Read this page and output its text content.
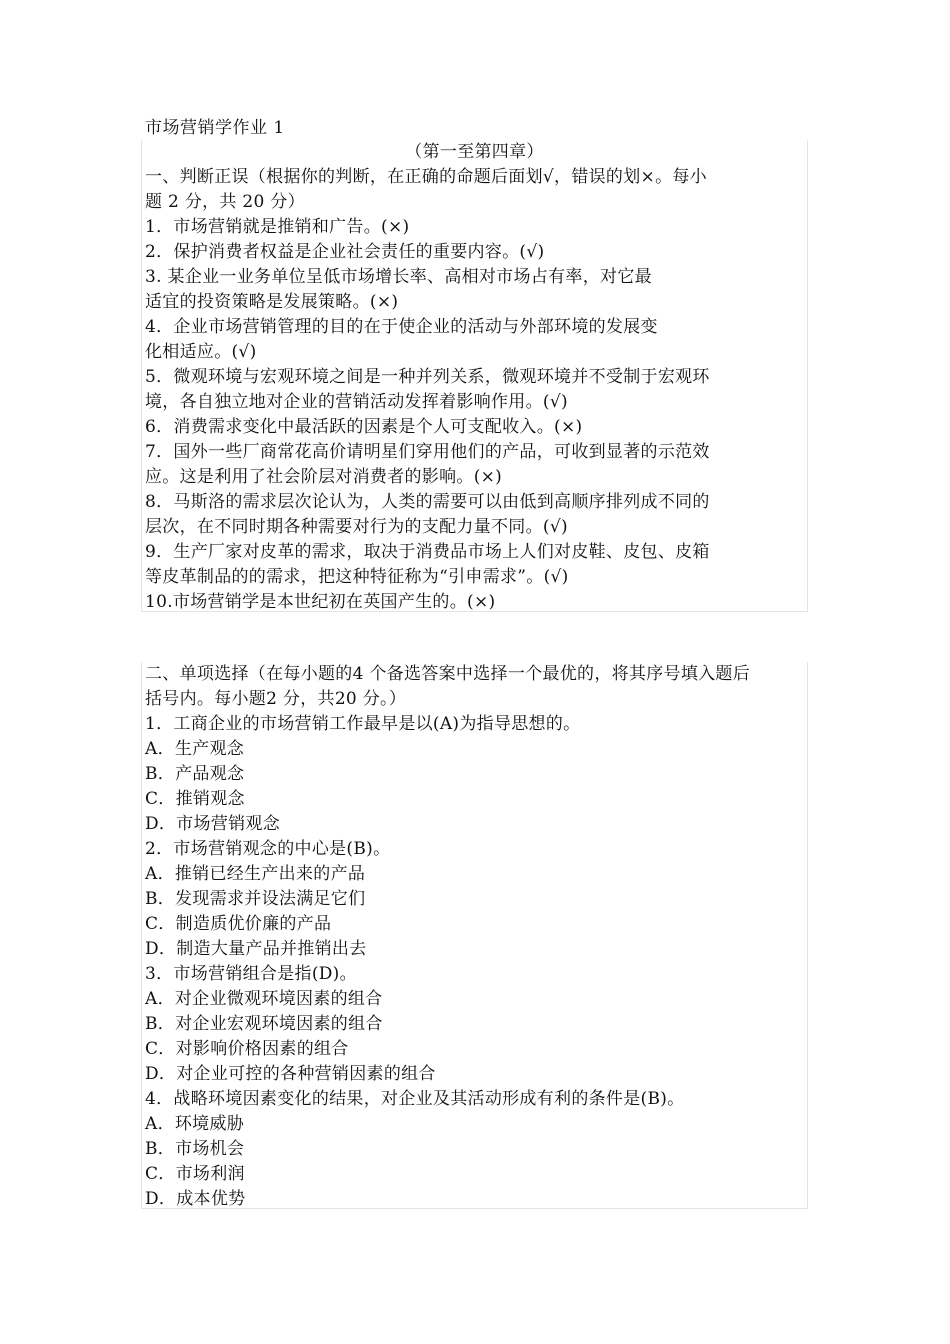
市场营销学作业 1
（第一至第四章）
一、判断正误（根据你的判断，在正确的命题后面划√，错误的划×。每小
题 2 分，共 20 分）
1．市场营销就是推销和广告。(×)
2．保护消费者权益是企业社会责任的重要内容。(√)
3. 某企业一业务单位呈低市场增长率、高相对市场占有率，对它最
适宜的投资策略是发展策略。(×)
4．企业市场营销管理的目的在于使企业的活动与外部环境的发展变
化相适应。(√)
5．微观环境与宏观环境之间是一种并列关系，微观环境并不受制于宏观环
境，各自独立地对企业的营销活动发挥着影响作用。(√)
6．消费需求变化中最活跃的因素是个人可支配收入。(×)
7．国外一些厂商常花高价请明星们穿用他们的产品，可收到显著的示范效
应。这是利用了社会阶层对消费者的影响。(×)
8．马斯洛的需求层次论认为，人类的需要可以由低到高顺序排列成不同的
层次，在不同时期各种需要对行为的支配力量不同。(√)
9．生产厂家对皮革的需求，取决于消费品市场上人们对皮鞋、皮包、皮箱
等皮革制品的的需求，把这种特征称为“引申需求”。(√)
10.市场营销学是本世纪初在英国产生的。(×)
二、单项选择（在每小题的4 个备选答案中选择一个最优的，将其序号填入题后
括号内。每小题2 分，共20 分。）
1．工商企业的市场营销工作最早是以(A)为指导思想的。
A．生产观念
B．产品观念
C．推销观念
D．市场营销观念
2．市场营销观念的中心是(B)。
A．推销已经生产出来的产品
B．发现需求并设法满足它们
C．制造质优价廉的产品
D．制造大量产品并推销出去
3．市场营销组合是指(D)。
A．对企业微观环境因素的组合
B．对企业宏观环境因素的组合
C．对影响价格因素的组合
D．对企业可控的各种营销因素的组合
4．战略环境因素变化的结果，对企业及其活动形成有利的条件是(B)。
A．环境威胁
B．市场机会
C．市场利润
D．成本优势
